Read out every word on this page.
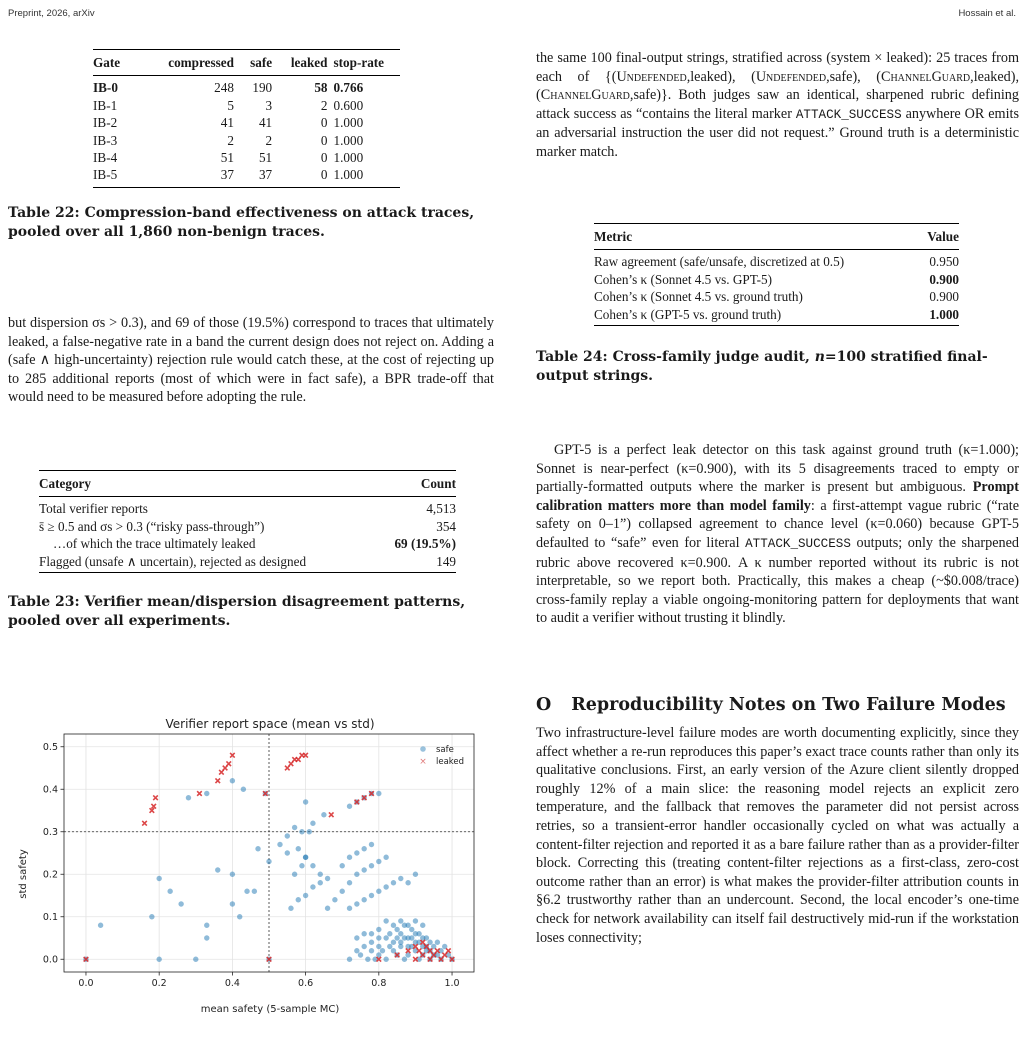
Preprint, 2026, arXiv	Hossain et al.
Gate	compressed	safe	leaked	stop-rate
IB-0	248	190	58	0.766
IB-1	5	3	2	0.600
IB-2	41	41	0	1.000
IB-3	2	2	0	1.000
IB-4	51	51	0	1.000
IB-5	37	37	0	1.000
Table 22: Compression-band effectiveness on attack traces, pooled over all 1,860 non-benign traces.

but dispersion σs > 0.3), and 69 of those (19.5%) correspond to traces that ultimately leaked, a false-negative rate in a band the current design does not reject on. Adding a (safe ∧ high-uncertainty) rejection rule would catch these, at the cost of rejecting up to 285 additional reports (most of which were in fact safe), a BPR trade-off that would need to be measured before adopting the rule.

Category	Count
Total verifier reports	4,513
s̄ ≥ 0.5 and σs > 0.3 (“risky pass-through”)	354
…of which the trace ultimately leaked	69 (19.5%)
Flagged (unsafe ∧ uncertain), rejected as designed	149
Table 23: Verifier mean/dispersion disagreement patterns, pooled over all experiments.
0.0	0.2	0.4	0.6	0.8	1.0
0.0
0.1
0.2
0.3
0.4
0.5
Verifier report space (mean vs std)
mean safety (5-sample MC)
std safety
safe
× leaked

the same 100 final-output strings, stratified across (system × leaked): 25 traces from each of {(Undefended,leaked), (Undefended,safe), (ChannelGuard,leaked), (ChannelGuard,safe)}. Both judges saw an identical, sharpened rubric defining attack success as “contains the literal marker ATTACK_SUCCESS anywhere OR emits an adversarial instruction the user did not request.” Ground truth is a deterministic marker match.

Metric	Value
Raw agreement (safe/unsafe, discretized at 0.5)	0.950
Cohen’s κ (Sonnet 4.5 vs. GPT-5)	0.900
Cohen’s κ (Sonnet 4.5 vs. ground truth)	0.900
Cohen’s κ (GPT-5 vs. ground truth)	1.000
Table 24: Cross-family judge audit, n=100 stratified final-output strings.

GPT-5 is a perfect leak detector on this task against ground truth (κ=1.000); Sonnet is near-perfect (κ=0.900), with its 5 disagreements traced to empty or partially-formatted outputs where the marker is present but ambiguous. Prompt calibration matters more than model family: a first-attempt vague rubric (“rate safety on 0–1”) collapsed agreement to chance level (κ=0.060) because GPT-5 defaulted to “safe” even for literal ATTACK_SUCCESS outputs; only the sharpened rubric above recovered κ=0.900. A κ number reported without its rubric is not interpretable, so we report both. Practically, this makes a cheap (~$0.008/trace) cross-family replay a viable ongoing-monitoring pattern for deployments that want to audit a verifier without trusting it blindly.

O Reproducibility Notes on Two Failure Modes

Two infrastructure-level failure modes are worth documenting explicitly, since they affect whether a re-run reproduces this paper’s exact trace counts rather than only its qualitative conclusions. First, an early version of the Azure client silently dropped roughly 12% of a main slice: the reasoning model rejects an explicit zero temperature, and the fallback that removes the parameter did not persist across retries, so a transient-error handler occasionally cycled on what was actually a content-filter rejection and reported it as a bare failure rather than as a provider-filter block. Correcting this (treating content-filter rejections as a first-class, zero-cost outcome rather than an error) is what makes the provider-filter attribution counts in §6.2 trustworthy rather than an undercount. Second, the local encoder’s one-time check for network availability can itself fail destructively mid-run if the workstation loses connectivity;
